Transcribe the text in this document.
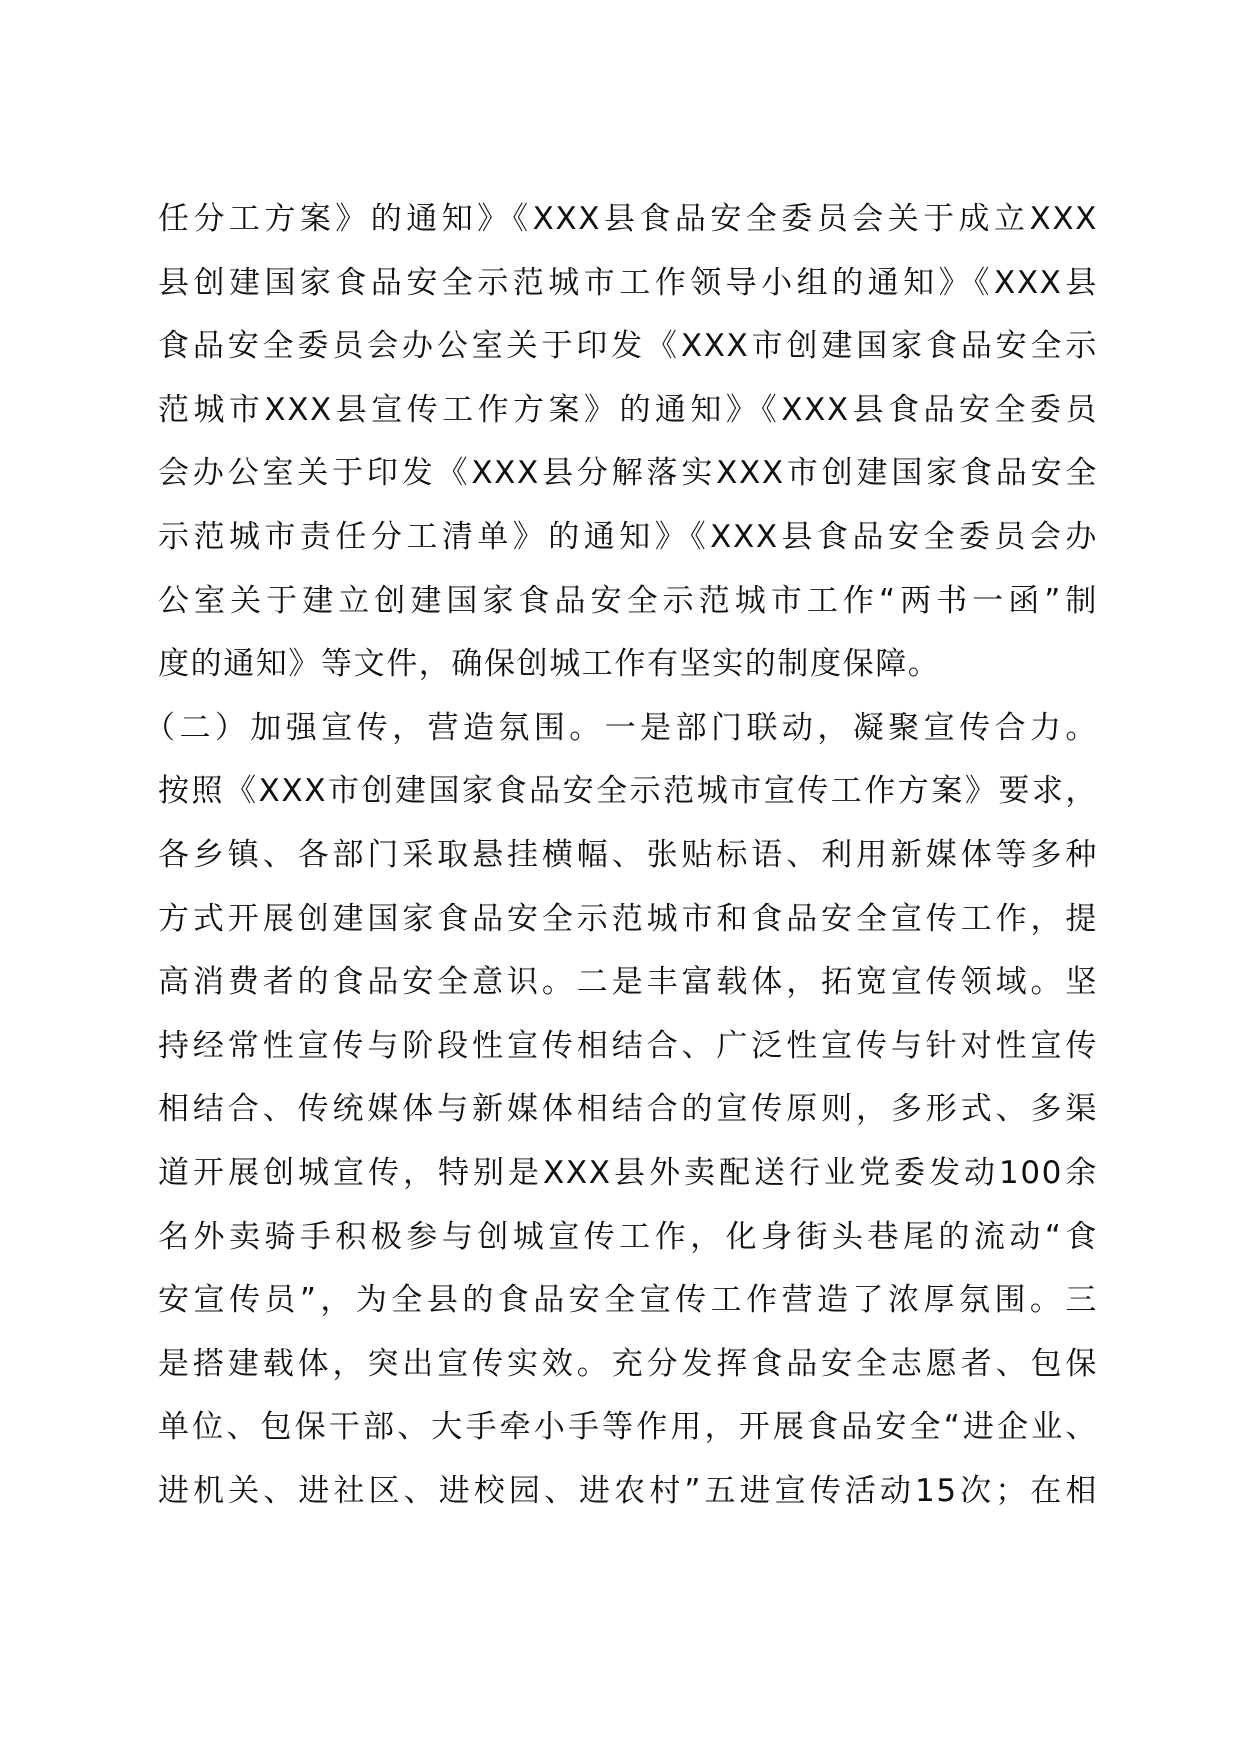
任分工方案》的通知》《XXX县食品安全委员会关于成立XXX
县创建国家食品安全示范城市工作领导小组的通知》《XXX县
食品安全委员会办公室关于印发《XXX市创建国家食品安全示
范城市XXX县宣传工作方案》的通知》《XXX县食品安全委员
会办公室关于印发《XXX县分解落实XXX市创建国家食品安全
示范城市责任分工清单》的通知》《XXX县食品安全委员会办
公室关于建立创建国家食品安全示范城市工作“两书一函”制
度的通知》等文件，确保创城工作有坚实的制度保障。
（二）加强宣传，营造氛围。一是部门联动，凝聚宣传合力。
按照《XXX市创建国家食品安全示范城市宣传工作方案》要求，
各乡镇、各部门采取悬挂横幅、张贴标语、利用新媒体等多种
方式开展创建国家食品安全示范城市和食品安全宣传工作，提
高消费者的食品安全意识。二是丰富载体，拓宽宣传领域。坚
持经常性宣传与阶段性宣传相结合、广泛性宣传与针对性宣传
相结合、传统媒体与新媒体相结合的宣传原则，多形式、多渠
道开展创城宣传，特别是XXX县外卖配送行业党委发动100余
名外卖骑手积极参与创城宣传工作，化身街头巷尾的流动“食
安宣传员”，为全县的食品安全宣传工作营造了浓厚氛围。三
是搭建载体，突出宣传实效。充分发挥食品安全志愿者、包保
单位、包保干部、大手牵小手等作用，开展食品安全“进企业、
进机关、进社区、进校园、进农村”五进宣传活动15次；在相
